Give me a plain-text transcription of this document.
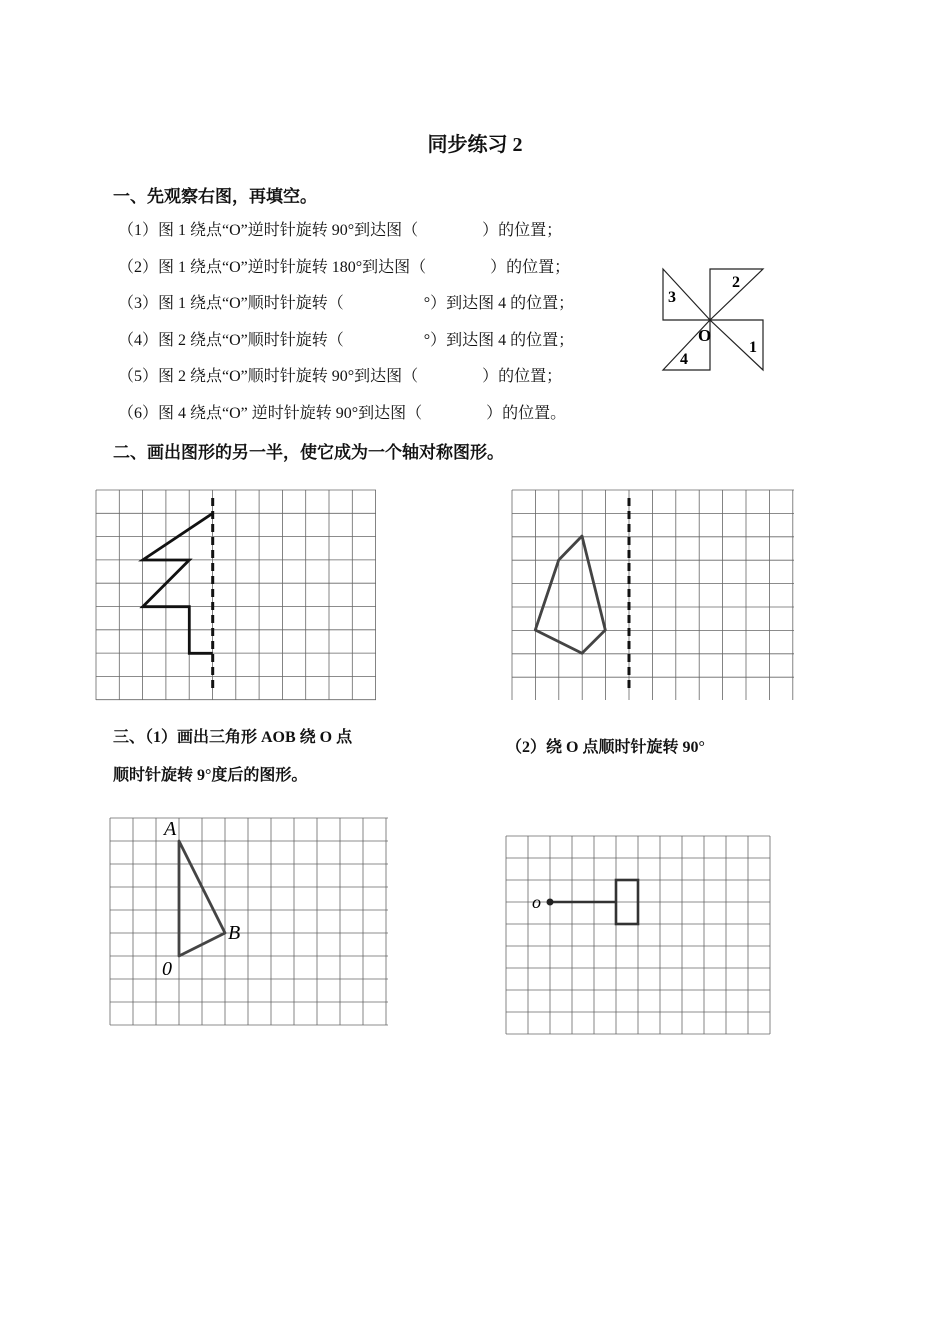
同步练习 2
一、先观察右图，再填空。
（1）图 1 绕点“O”逆时针旋转 90°到达图（　　　　）的位置；
（2）图 1 绕点“O”逆时针旋转 180°到达图（　　　　）的位置；
（3）图 1 绕点“O”顺时针旋转（　　　　　°）到达图 4 的位置；
（4）图 2 绕点“O”顺时针旋转（　　　　　°）到达图 4 的位置；
（5）图 2 绕点“O”顺时针旋转 90°到达图（　　　　）的位置；
（6）图 4 绕点“O” 逆时针旋转 90°到达图（　　　　）的位置。
2
1
3
4
O
二、画出图形的另一半，使它成为一个轴对称图形。
三、（1）画出三角形 AOB 绕 O 点
顺时针旋转 9°度后的图形。
（2）绕 O 点顺时针旋转 90°
A
B
0
o
